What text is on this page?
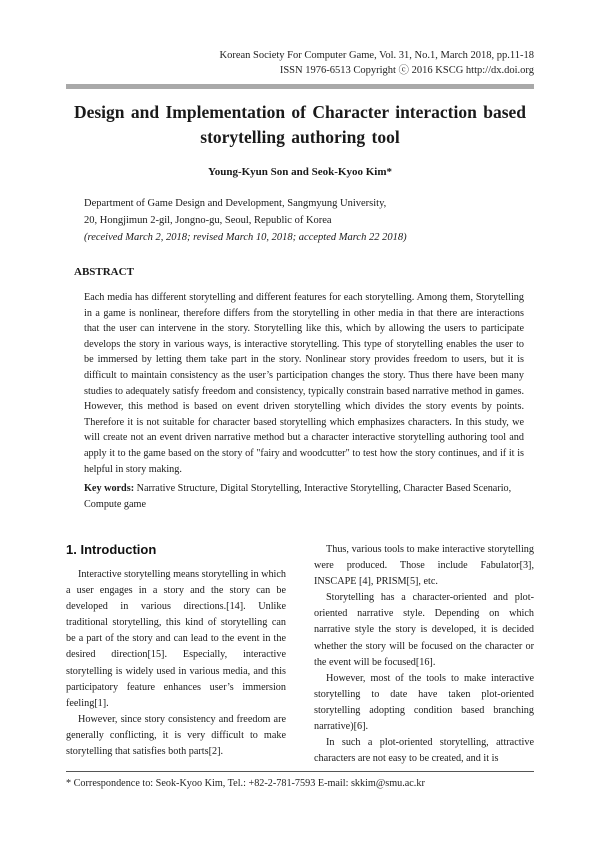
Korean Society For Computer Game, Vol. 31, No.1, March 2018, pp.11-18
ISSN 1976-6513 Copyright ⓒ 2016 KSCG http://dx.doi.org
Design and Implementation of Character interaction based
storytelling authoring tool
Young-Kyun Son and Seok-Kyoo Kim*
Department of Game Design and Development, Sangmyung University,
20, Hongjimun 2-gil, Jongno-gu, Seoul, Republic of Korea
(received March 2, 2018; revised March 10, 2018; accepted March 22 2018)
ABSTRACT
Each media has different storytelling and different features for each storytelling. Among them, Storytelling in a game is nonlinear, therefore differs from the storytelling in other media in that there are interactions that the user can intervene in the story. Storytelling like this, which by allowing the users to participate develops the story in various ways, is interactive storytelling. This type of storytelling enables the user to be immersed by letting them take part in the story. Nonlinear story provides freedom to users, but it is difficult to maintain consistency as the user’s participation changes the story. Thus there have been many studies to adequately satisfy freedom and consistency, typically constrain based narrative method in games. However, this method is based on event driven storytelling which divides the story events by points. Therefore it is not suitable for character based storytelling which emphasizes characters. In this study, we will create not an event driven narrative method but a character interactive storytelling authoring tool and apply it to the game based on the story of "fairy and woodcutter" to test how the story continues, and if it is helpful in story making.
Key words: Narrative Structure, Digital Storytelling, Interactive Storytelling, Character Based Scenario, Compute game
1. Introduction

Interactive storytelling means storytelling in which a user engages in a story and the story can be developed in various directions.[14]. Unlike traditional storytelling, this kind of storytelling can be a part of the story and can lead to the event in the desired direction[15]. Especially, interactive storytelling is widely used in various media, and this participatory feature enhances user’s immersion feeling[1].

However, since story consistency and freedom are generally conflicting, it is very difficult to make storytelling that satisfies both parts[2].

Thus, various tools to make interactive storytelling were produced. Those include Fabulator[3], INSCAPE [4], PRISM[5], etc.

Storytelling has a character-oriented and plot-oriented narrative style. Depending on which narrative style the story is developed, it is decided whether the story will be focused on the character or the event will be focused[16].

However, most of the tools to make interactive storytelling to date have taken plot-oriented storytelling adopting condition based branching narrative)[6].

In such a plot-oriented storytelling, attractive characters are not easy to be created, and it is

* Correspondence to: Seok-Kyoo Kim, Tel.: +82-2-781-7593 E-mail: skkim@smu.ac.kr
